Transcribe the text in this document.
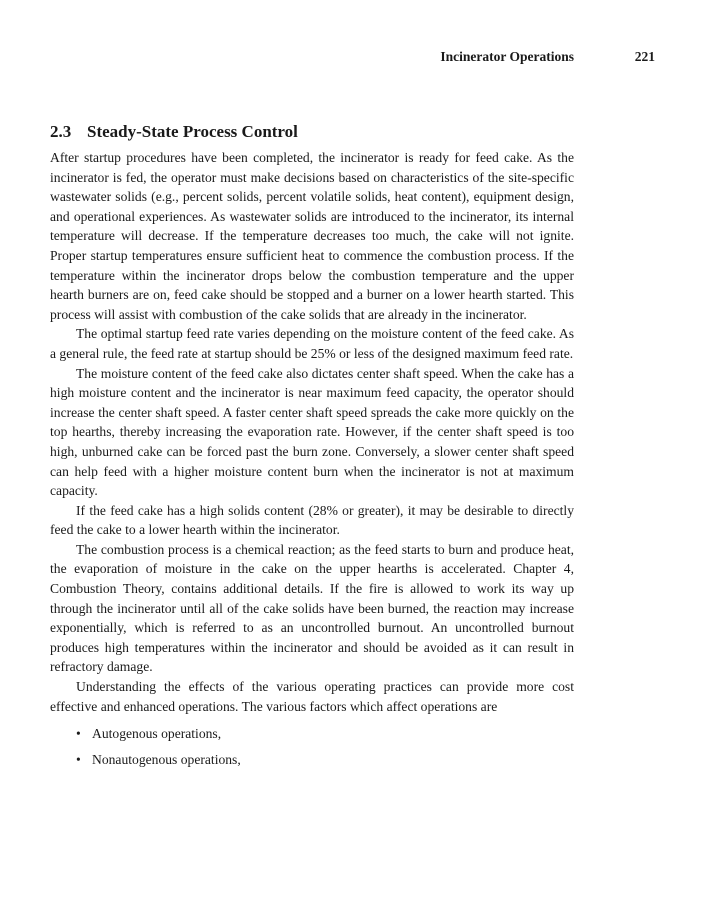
Incinerator Operations	221
2.3 Steady-State Process Control

After startup procedures have been completed, the incinerator is ready for feed cake. As the incinerator is fed, the operator must make decisions based on characteristics of the site-specific wastewater solids (e.g., percent solids, percent volatile solids, heat content), equipment design, and operational experiences. As wastewater solids are introduced to the incinerator, its internal temperature will decrease. If the temperature decreases too much, the cake will not ignite. Proper startup temperatures ensure sufficient heat to commence the combustion process. If the temperature within the incinerator drops below the combustion temperature and the upper hearth burners are on, feed cake should be stopped and a burner on a lower hearth started. This process will assist with combustion of the cake solids that are already in the incinerator.

The optimal startup feed rate varies depending on the moisture content of the feed cake. As a general rule, the feed rate at startup should be 25% or less of the designed maximum feed rate.

The moisture content of the feed cake also dictates center shaft speed. When the cake has a high moisture content and the incinerator is near maximum feed capacity, the operator should increase the center shaft speed. A faster center shaft speed spreads the cake more quickly on the top hearths, thereby increasing the evaporation rate. However, if the center shaft speed is too high, unburned cake can be forced past the burn zone. Conversely, a slower center shaft speed can help feed with a higher moisture content burn when the incinerator is not at maximum capacity.

If the feed cake has a high solids content (28% or greater), it may be desirable to directly feed the cake to a lower hearth within the incinerator.

The combustion process is a chemical reaction; as the feed starts to burn and produce heat, the evaporation of moisture in the cake on the upper hearths is accelerated. Chapter 4, Combustion Theory, contains additional details. If the fire is allowed to work its way up through the incinerator until all of the cake solids have been burned, the reaction may increase exponentially, which is referred to as an uncontrolled burnout. An uncontrolled burnout produces high temperatures within the incinerator and should be avoided as it can result in refractory damage.

Understanding the effects of the various operating practices can provide more cost effective and enhanced operations. The various factors which affect operations are

• Autogenous operations,
• Nonautogenous operations,
